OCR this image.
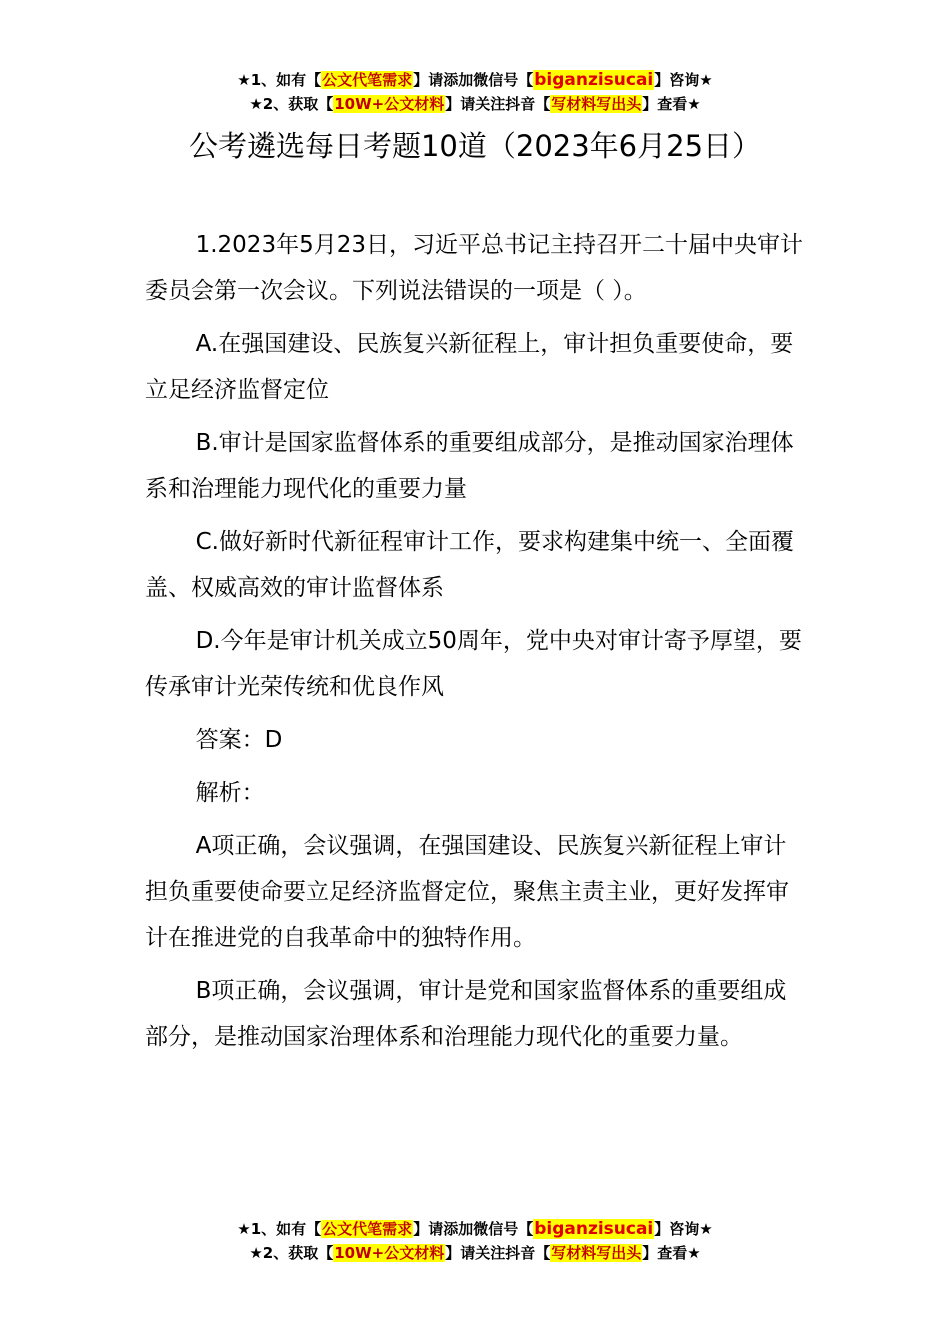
★1、如有【公文代笔需求】请添加微信号【biganzisucai】咨询★
★2、获取【10W+公文材料】请关注抖音【写材料写出头】查看★
公考遴选每日考题10道（2023年6月25日）

1.2023年5月23日，习近平总书记主持召开二十届中央审计委员会第一次会议。下列说法错误的一项是（ ）。

A.在强国建设、民族复兴新征程上，审计担负重要使命，要立足经济监督定位

B.审计是国家监督体系的重要组成部分，是推动国家治理体系和治理能力现代化的重要力量

C.做好新时代新征程审计工作，要求构建集中统一、全面覆盖、权威高效的审计监督体系

D.今年是审计机关成立50周年，党中央对审计寄予厚望，要传承审计光荣传统和优良作风

答案：D

解析：

A项正确，会议强调，在强国建设、民族复兴新征程上审计担负重要使命要立足经济监督定位，聚焦主责主业，更好发挥审计在推进党的自我革命中的独特作用。

B项正确，会议强调，审计是党和国家监督体系的重要组成部分，是推动国家治理体系和治理能力现代化的重要力量。

★1、如有【公文代笔需求】请添加微信号【biganzisucai】咨询★
★2、获取【10W+公文材料】请关注抖音【写材料写出头】查看★
